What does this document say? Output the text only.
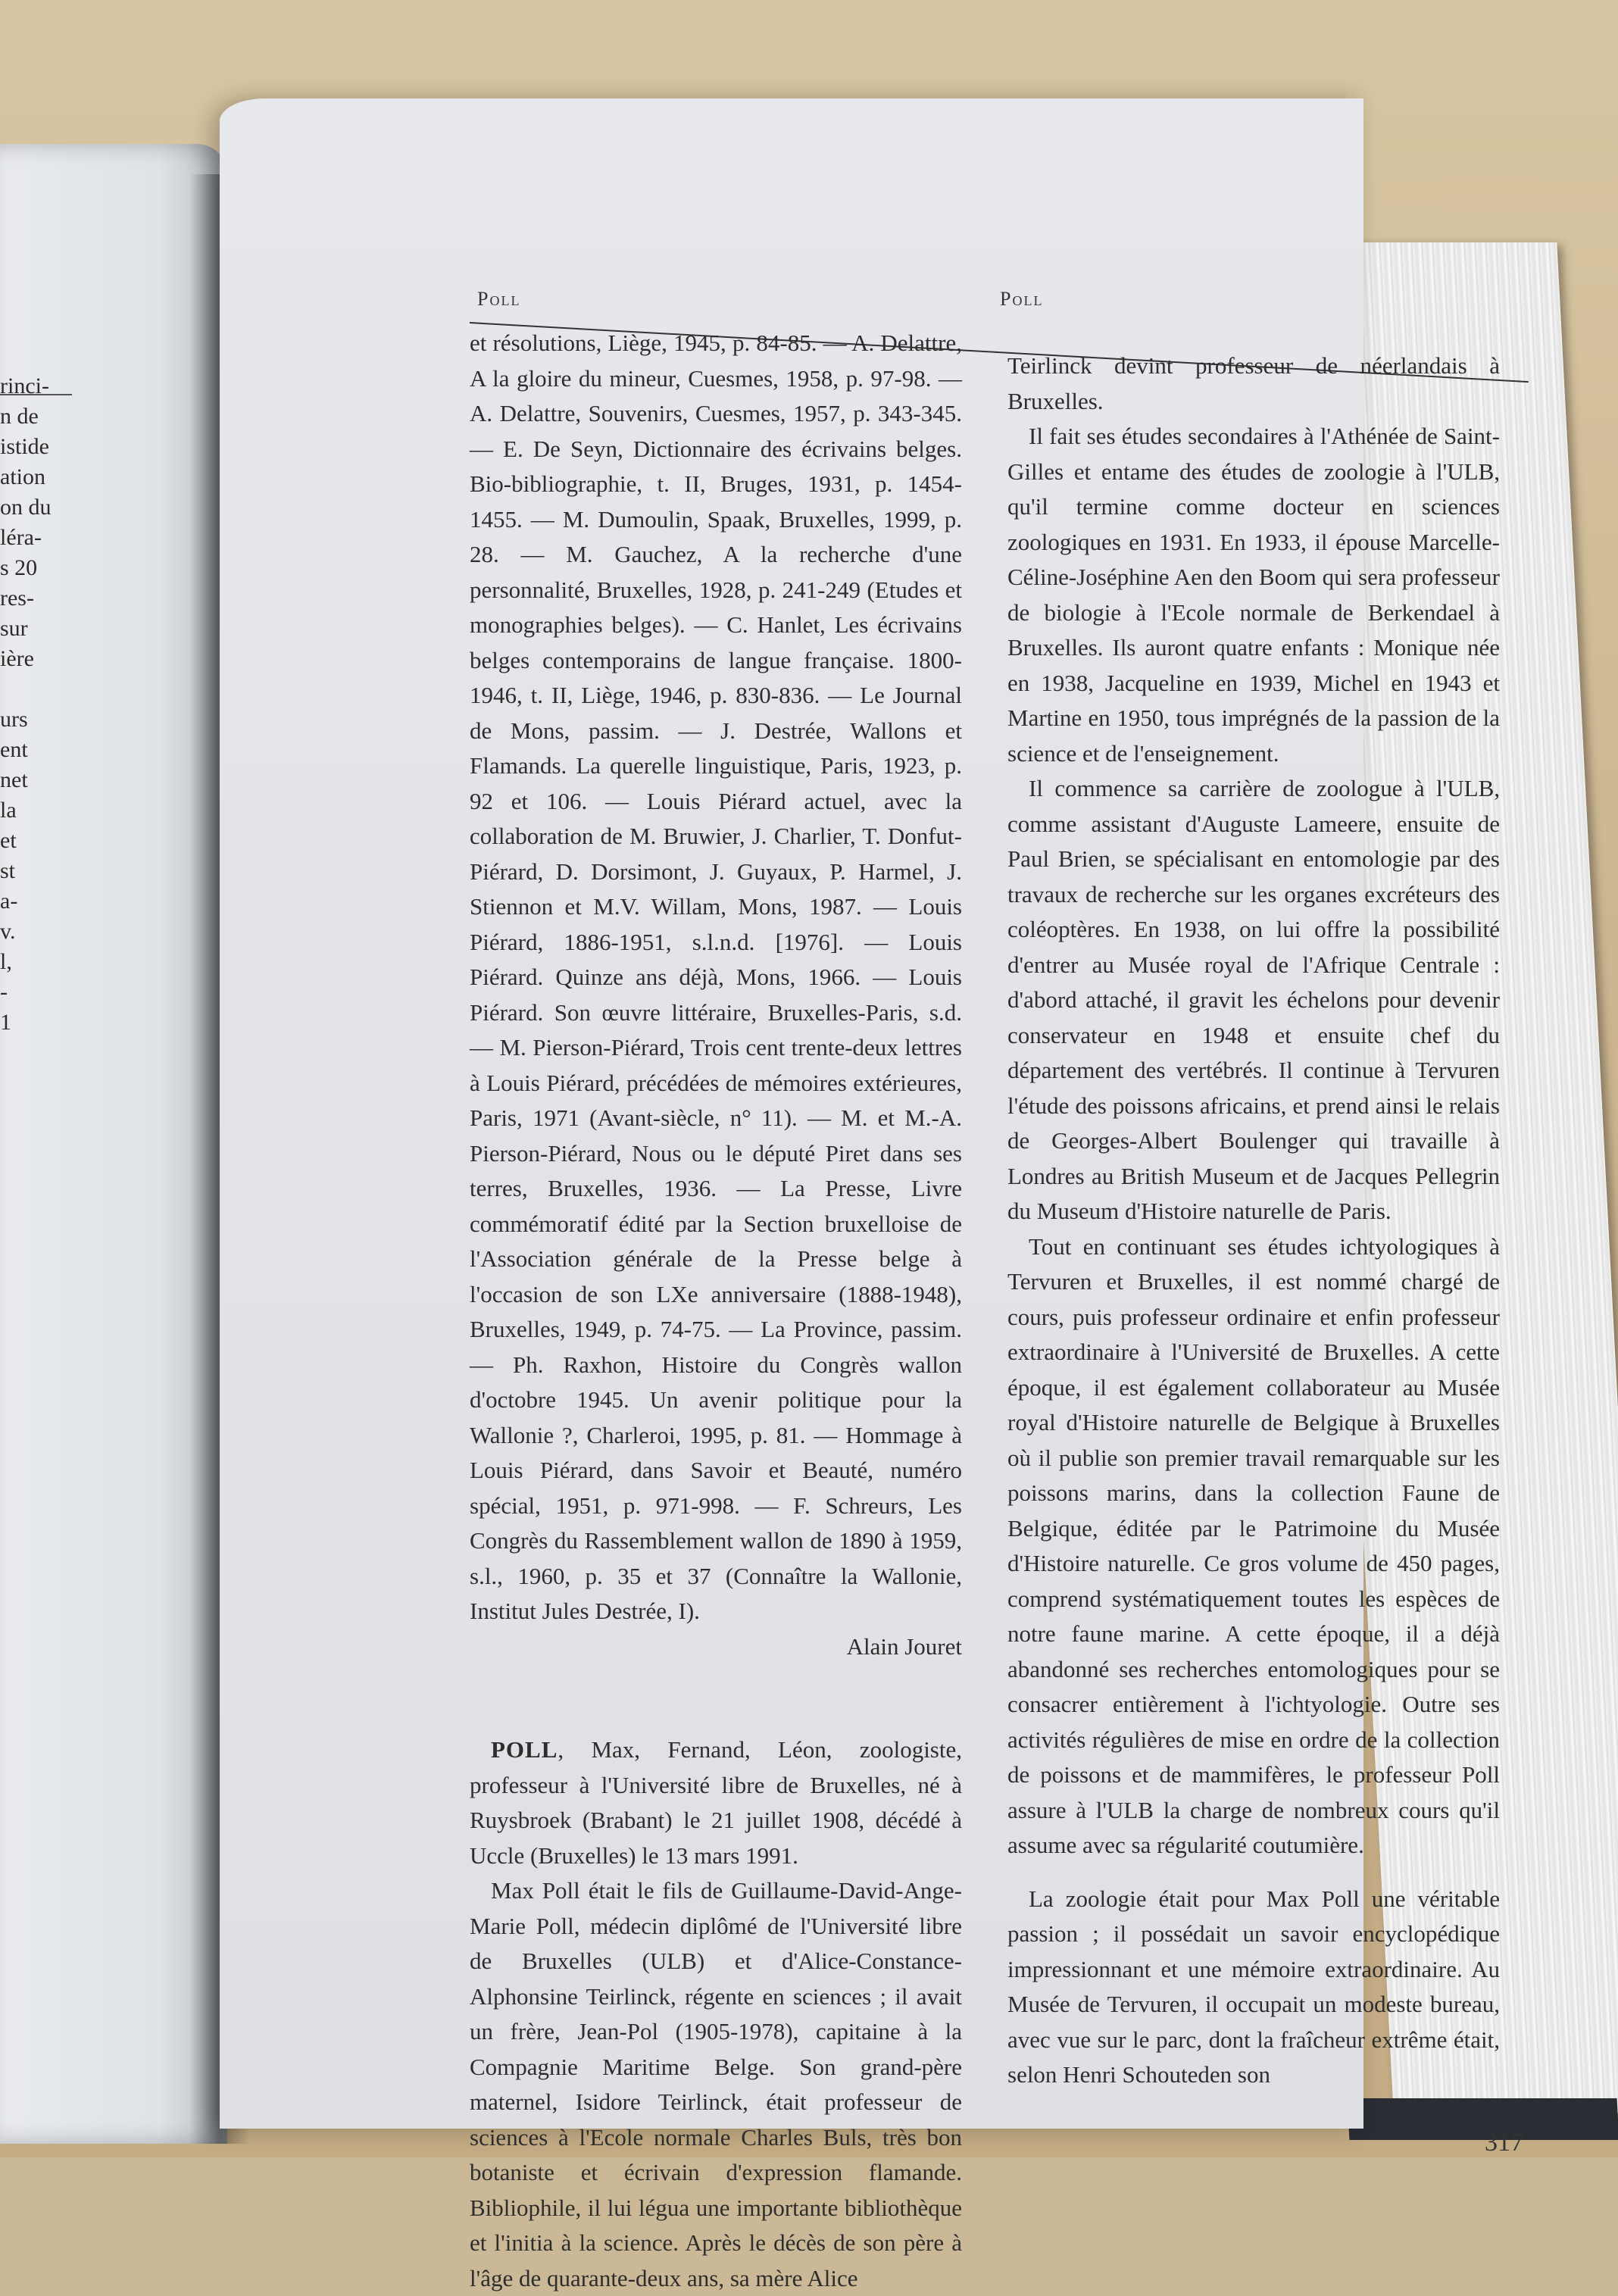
rinci-
n de
istide
ation
on du
léra-
s 20
res-
sur
ière
urs
ent
net
la
et
st
a-
v.
l,
-
1
Poll	Poll

et résolutions, Liège, 1945, p. 84-85. — A. Delattre, A la gloire du mineur, Cuesmes, 1958, p. 97-98. — A. Delattre, Souvenirs, Cuesmes, 1957, p. 343-345. — E. De Seyn, Dictionnaire des écrivains belges. Bio-bibliographie, t. II, Bruges, 1931, p. 1454-1455. — M. Dumoulin, Spaak, Bruxelles, 1999, p. 28. — M. Gauchez, A la recherche d'une personnalité, Bruxelles, 1928, p. 241-249 (Etudes et monographies belges). — C. Hanlet, Les écrivains belges contemporains de langue française. 1800-1946, t. II, Liège, 1946, p. 830-836. — Le Journal de Mons, passim. — J. Destrée, Wallons et Flamands. La querelle linguistique, Paris, 1923, p. 92 et 106. — Louis Piérard actuel, avec la collaboration de M. Bruwier, J. Charlier, T. Donfut-Piérard, D. Dorsimont, J. Guyaux, P. Harmel, J. Stiennon et M.V. Willam, Mons, 1987. — Louis Piérard, 1886-1951, s.l.n.d. [1976]. — Louis Piérard. Quinze ans déjà, Mons, 1966. — Louis Piérard. Son œuvre littéraire, Bruxelles-Paris, s.d. — M. Pierson-Piérard, Trois cent trente-deux lettres à Louis Piérard, précédées de mémoires extérieures, Paris, 1971 (Avant-siècle, n° 11). — M. et M.-A. Pierson-Piérard, Nous ou le député Piret dans ses terres, Bruxelles, 1936. — La Presse, Livre commémoratif édité par la Section bruxelloise de l'Association générale de la Presse belge à l'occasion de son LXe anniversaire (1888-1948), Bruxelles, 1949, p. 74-75. — La Province, passim. — Ph. Raxhon, Histoire du Congrès wallon d'octobre 1945. Un avenir politique pour la Wallonie ?, Charleroi, 1995, p. 81. — Hommage à Louis Piérard, dans Savoir et Beauté, numéro spécial, 1951, p. 971-998. — F. Schreurs, Les Congrès du Rassemblement wallon de 1890 à 1959, s.l., 1960, p. 35 et 37 (Connaître la Wallonie, Institut Jules Destrée, I).

Alain Jouret

POLL, Max, Fernand, Léon, zoologiste, professeur à l'Université libre de Bruxelles, né à Ruysbroek (Brabant) le 21 juillet 1908, décédé à Uccle (Bruxelles) le 13 mars 1991.

Max Poll était le fils de Guillaume-David-Ange-Marie Poll, médecin diplômé de l'Université libre de Bruxelles (ULB) et d'Alice-Constance-Alphonsine Teirlinck, régente en sciences ; il avait un frère, Jean-Pol (1905-1978), capitaine à la Compagnie Maritime Belge. Son grand-père maternel, Isidore Teirlinck, était professeur de sciences à l'Ecole normale Charles Buls, très bon botaniste et écrivain d'expression flamande. Bibliophile, il lui légua une importante bibliothèque et l'initia à la science. Après le décès de son père à l'âge de quarante-deux ans, sa mère Alice

Teirlinck devint professeur de néerlandais à Bruxelles.

Il fait ses études secondaires à l'Athénée de Saint-Gilles et entame des études de zoologie à l'ULB, qu'il termine comme docteur en sciences zoologiques en 1931. En 1933, il épouse Marcelle-Céline-Joséphine Aen den Boom qui sera professeur de biologie à l'Ecole normale de Berkendael à Bruxelles. Ils auront quatre enfants : Monique née en 1938, Jacqueline en 1939, Michel en 1943 et Martine en 1950, tous imprégnés de la passion de la science et de l'enseignement.

Il commence sa carrière de zoologue à l'ULB, comme assistant d'Auguste Lameere, ensuite de Paul Brien, se spécialisant en entomologie par des travaux de recherche sur les organes excréteurs des coléoptères. En 1938, on lui offre la possibilité d'entrer au Musée royal de l'Afrique Centrale : d'abord attaché, il gravit les échelons pour devenir conservateur en 1948 et ensuite chef du département des vertébrés. Il continue à Tervuren l'étude des poissons africains, et prend ainsi le relais de Georges-Albert Boulenger qui travaille à Londres au British Museum et de Jacques Pellegrin du Museum d'Histoire naturelle de Paris.

Tout en continuant ses études ichtyologiques à Tervuren et Bruxelles, il est nommé chargé de cours, puis professeur ordinaire et enfin professeur extraordinaire à l'Université de Bruxelles. A cette époque, il est également collaborateur au Musée royal d'Histoire naturelle de Belgique à Bruxelles où il publie son premier travail remarquable sur les poissons marins, dans la collection Faune de Belgique, éditée par le Patrimoine du Musée d'Histoire naturelle. Ce gros volume de 450 pages, comprend systématiquement toutes les espèces de notre faune marine. A cette époque, il a déjà abandonné ses recherches entomologiques pour se consacrer entièrement à l'ichtyologie. Outre ses activités régulières de mise en ordre de la collection de poissons et de mammifères, le professeur Poll assure à l'ULB la charge de nombreux cours qu'il assume avec sa régularité coutumière.

La zoologie était pour Max Poll une véritable passion ; il possédait un savoir encyclopédique impressionnant et une mémoire extraordinaire. Au Musée de Tervuren, il occupait un modeste bureau, avec vue sur le parc, dont la fraîcheur extrême était, selon Henri Schouteden son

317
